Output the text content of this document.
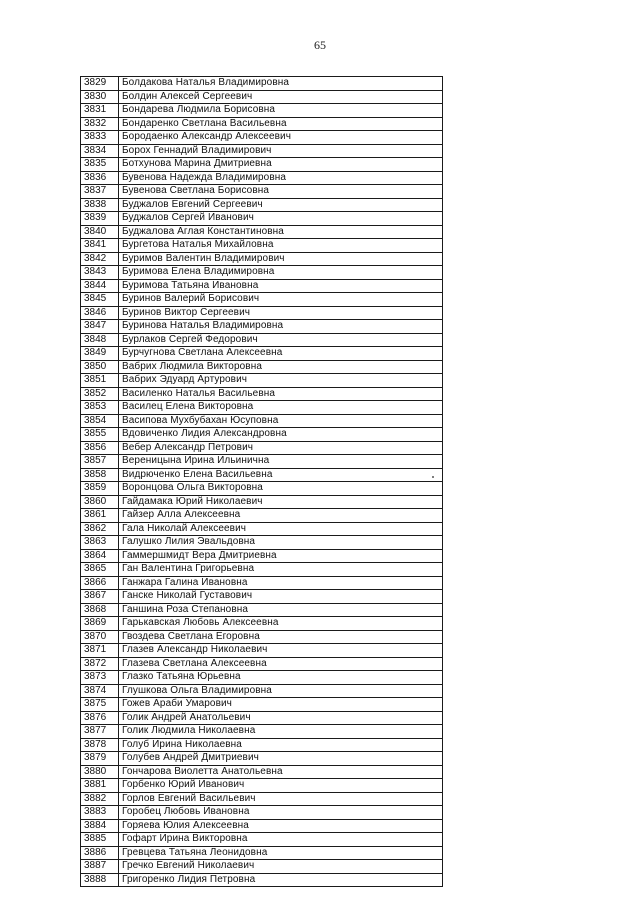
65
3829	Болдакова Наталья Владимировна
3830	Болдин Алексей Сергеевич
3831	Бондарева Людмила Борисовна
3832	Бондаренко Светлана Васильевна
3833	Бородаенко Александр Алексеевич
3834	Борох Геннадий Владимирович
3835	Ботхунова Марина Дмитриевна
3836	Бувенова Надежда Владимировна
3837	Бувенова Светлана Борисовна
3838	Буджалов Евгений Сергеевич
3839	Буджалов Сергей Иванович
3840	Буджалова Аглая Константиновна
3841	Бургетова Наталья Михайловна
3842	Буримов Валентин Владимирович
3843	Буримова Елена Владимировна
3844	Буримова Татьяна Ивановна
3845	Буринов Валерий Борисович
3846	Буринов Виктор Сергеевич
3847	Буринова Наталья Владимировна
3848	Бурлаков Сергей Федорович
3849	Бурчугнова Светлана Алексеевна
3850	Вабрих Людмила Викторовна
3851	Вабрих Эдуард Артурович
3852	Василенко Наталья Васильевна
3853	Василец Елена Викторовна
3854	Васипова Мухбубахан Юсуповна
3855	Вдовиченко Лидия Александровна
3856	Вебер Александр Петрович
3857	Вереницына Ирина Ильинична
3858	Видрюченко Елена Васильевна
3859	Воронцова Ольга Викторовна
3860	Гайдамака Юрий Николаевич
3861	Гайзер Алла Алексеевна
3862	Гала Николай Алексеевич
3863	Галушко Лилия Эвальдовна
3864	Гаммершмидт Вера Дмитриевна
3865	Ган Валентина Григорьевна
3866	Ганжара Галина Ивановна
3867	Ганске Николай Густавович
3868	Ганшина Роза Степановна
3869	Гарькавская Любовь Алексеевна
3870	Гвоздева Светлана Егоровна
3871	Глазев Александр Николаевич
3872	Глазева Светлана Алексеевна
3873	Глазко Татьяна Юрьевна
3874	Глушкова Ольга Владимировна
3875	Гожев Араби Умарович
3876	Голик Андрей Анатольевич
3877	Голик Людмила Николаевна
3878	Голуб Ирина Николаевна
3879	Голубев Андрей Дмитриевич
3880	Гончарова Виолетта Анатольевна
3881	Горбенко Юрий Иванович
3882	Горлов Евгений Васильевич
3883	Горобец Любовь Ивановна
3884	Горяева Юлия Алексеевна
3885	Гофарт Ирина Викторовна
3886	Гревцева Татьяна Леонидовна
3887	Гречко Евгений Николаевич
3888	Григоренко Лидия Петровна
